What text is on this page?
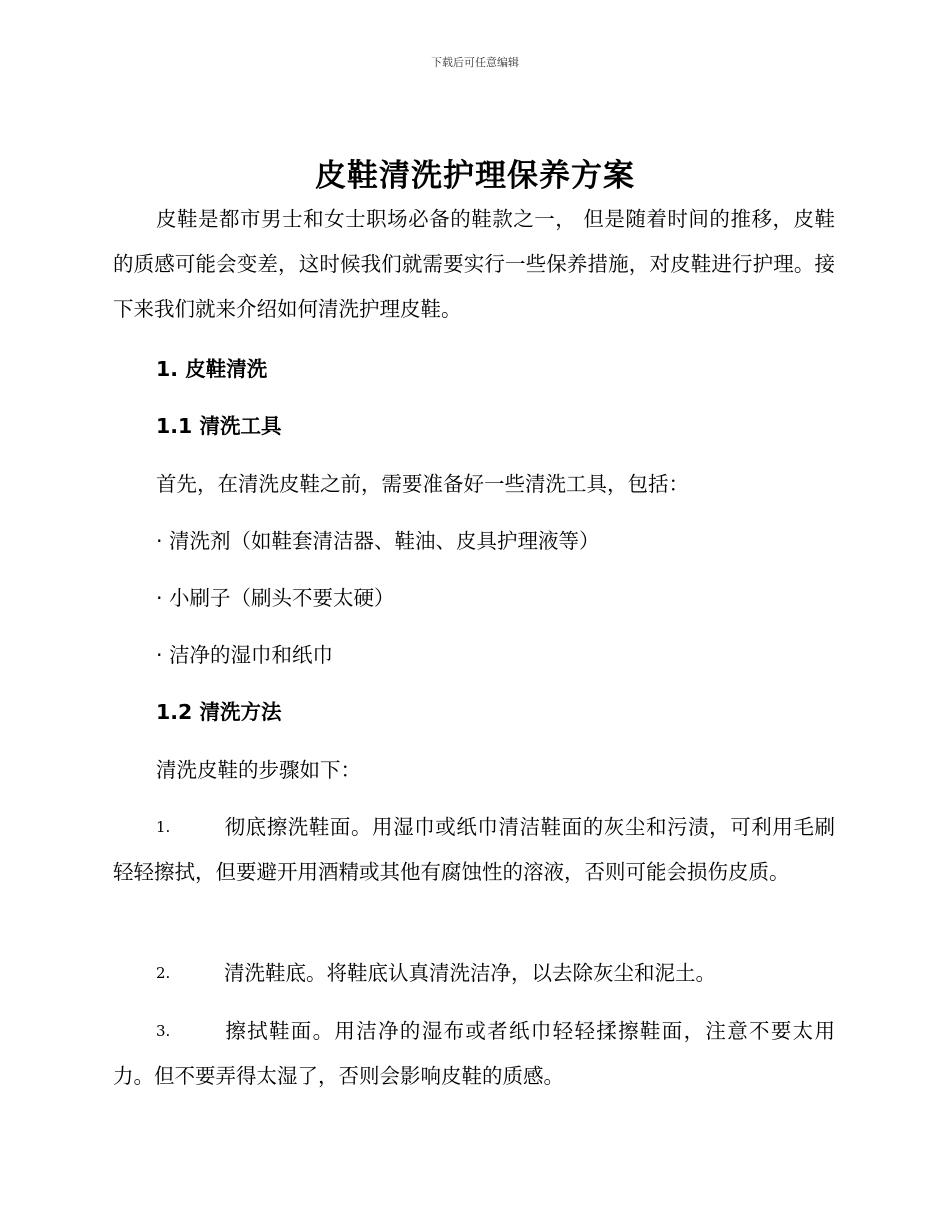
下载后可任意编辑
皮鞋清洗护理保养方案

皮鞋是都市男士和女士职场必备的鞋款之一， 但是随着时间的推移，皮鞋的质感可能会变差，这时候我们就需要实行一些保养措施，对皮鞋进行护理。接下来我们就来介绍如何清洗护理皮鞋。

1. 皮鞋清洗
1.1 清洗工具
首先，在清洗皮鞋之前，需要准备好一些清洗工具，包括：
· 清洗剂（如鞋套清洁器、鞋油、皮具护理液等）
· 小刷子（刷头不要太硬）
· 洁净的湿巾和纸巾
1.2 清洗方法
清洗皮鞋的步骤如下：

1.	彻底擦洗鞋面。用湿巾或纸巾清洁鞋面的灰尘和污渍，可利用毛刷轻轻擦拭，但要避开用酒精或其他有腐蚀性的溶液，否则可能会损伤皮质。

2.	清洗鞋底。将鞋底认真清洗洁净，以去除灰尘和泥土。

3.	擦拭鞋面。用洁净的湿布或者纸巾轻轻揉擦鞋面，注意不要太用力。但不要弄得太湿了，否则会影响皮鞋的质感。
